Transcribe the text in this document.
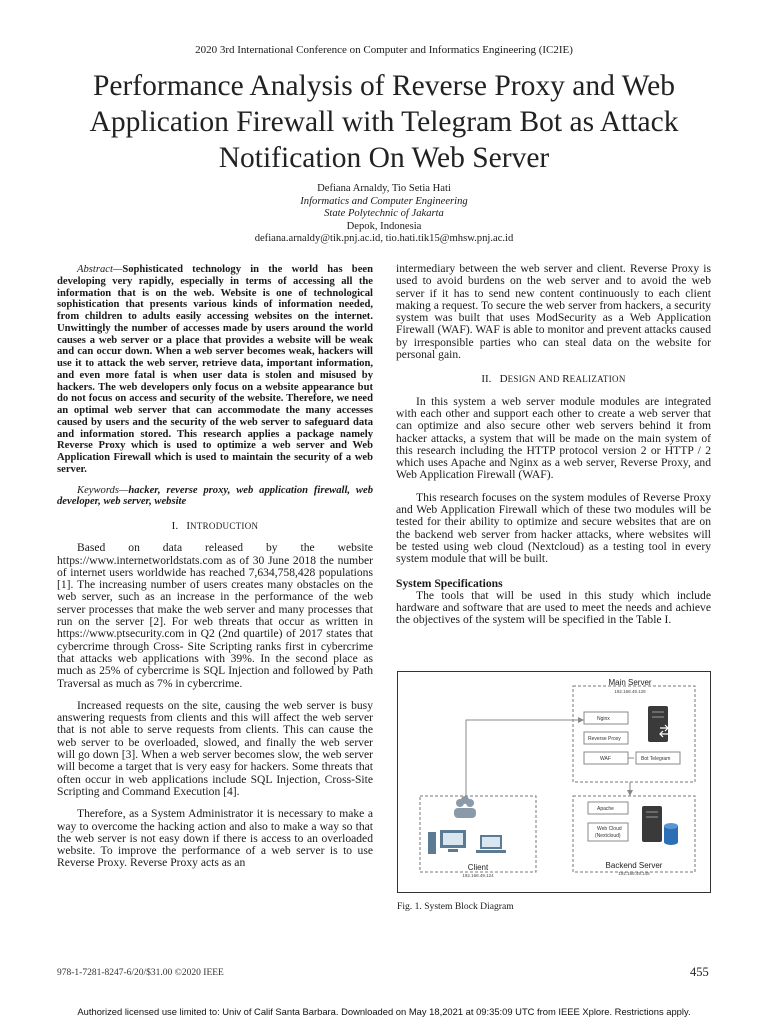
2020 3rd International Conference on Computer and Informatics Engineering (IC2IE)
Performance Analysis of Reverse Proxy and Web Application Firewall with Telegram Bot as Attack Notification On Web Server
Defiana Arnaldy, Tio Setia Hati
Informatics and Computer Engineering
State Polytechnic of Jakarta
Depok, Indonesia
defiana.arnaldy@tik.pnj.ac.id, tio.hati.tik15@mhsw.pnj.ac.id

Abstract—Sophisticated technology in the world has been developing very rapidly, especially in terms of accessing all the information that is on the web. Website is one of technological sophistication that presents various kinds of information needed, from children to adults easily accessing websites on the internet. Unwittingly the number of accesses made by users around the world causes a web server or a place that provides a website will be weak and can occur down. When a web server becomes weak, hackers will use it to attack the web server, retrieve data, important information, and even more fatal is when user data is stolen and misused by hackers. The web developers only focus on a website appearance but do not focus on access and security of the website. Therefore, we need an optimal web server that can accommodate the many accesses caused by users and the security of the web server to safeguard data and information stored. This research applies a package namely Reverse Proxy which is used to optimize a web server and Web Application Firewall which is used to maintain the security of a web server.

Keywords—hacker, reverse proxy, web application firewall, web developer, web server, website

I. INTRODUCTION

Based on data released by the website https://www.internetworldstats.com as of 30 June 2018 the number of internet users worldwide has reached 7,634,758,428 populations [1]. The increasing number of users creates many obstacles on the web server, such as an increase in the performance of the web server processes that make the web server and many processes that run on the server [2]. For web threats that occur as written in https://www.ptsecurity.com in Q2 (2nd quartile) of 2017 states that cybercrime through Cross- Site Scripting ranks first in cybercrime that attacks web applications with 39%. In the second place as much as 25% of cybercrime is SQL Injection and followed by Path Traversal as much as 7% in cybercrime.

Increased requests on the site, causing the web server is busy answering requests from clients and this will affect the web server that is not able to serve requests from clients. This can cause the web server to be overloaded, slowed, and finally the web server will go down [3]. When a web server becomes slow, the web server will become a target that is very easy for hackers. Some threats that often occur in web applications include SQL Injection, Cross-Site Scripting and Command Execution [4].

Therefore, as a System Administrator it is necessary to make a way to overcome the hacking action and also to make a way so that the web server is not easy down if there is access to an overloaded website. To improve the performance of a web server is to use Reverse Proxy. Reverse Proxy acts as an

intermediary between the web server and client. Reverse Proxy is used to avoid burdens on the web server and to avoid the web server if it has to send new content continuously to each client making a request. To secure the web server from hackers, a security system was built that uses ModSecurity as a Web Application Firewall (WAF). WAF is able to monitor and prevent attacks caused by irresponsible parties who can steal data on the website for personal gain.

II. DESIGN AND REALIZATION

In this system a web server module modules are integrated with each other and support each other to create a web server that can optimize and also secure other web servers behind it from hacker attacks, a system that will be made on the main system of this research including the HTTP protocol version 2 or HTTP / 2 which uses Apache and Nginx as a web server, Reverse Proxy, and Web Application Firewall (WAF).

This research focuses on the system modules of Reverse Proxy and Web Application Firewall which of these two modules will be tested for their ability to optimize and secure websites that are on the backend web server from hacker attacks, where websites will be tested using web cloud (Nextcloud) as a testing tool in every system module that will be built.

System Specifications

The tools that will be used in this study which include hardware and software that are used to meet the needs and achieve the objectives of the system will be specified in the Table I.

Main Server
192.168.49.128
Nginx
Reverse Proxy
WAF	Bot Telegram
Client
192.168.49.124
Apache
Web Cloud
(Nextcloud)
Backend Server
192.168.49.145
Fig. 1. System Block Diagram
978-1-7281-8247-6/20/$31.00 ©2020 IEEE	455
Authorized licensed use limited to: Univ of Calif Santa Barbara. Downloaded on May 18,2021 at 09:35:09 UTC from IEEE Xplore. Restrictions apply.
